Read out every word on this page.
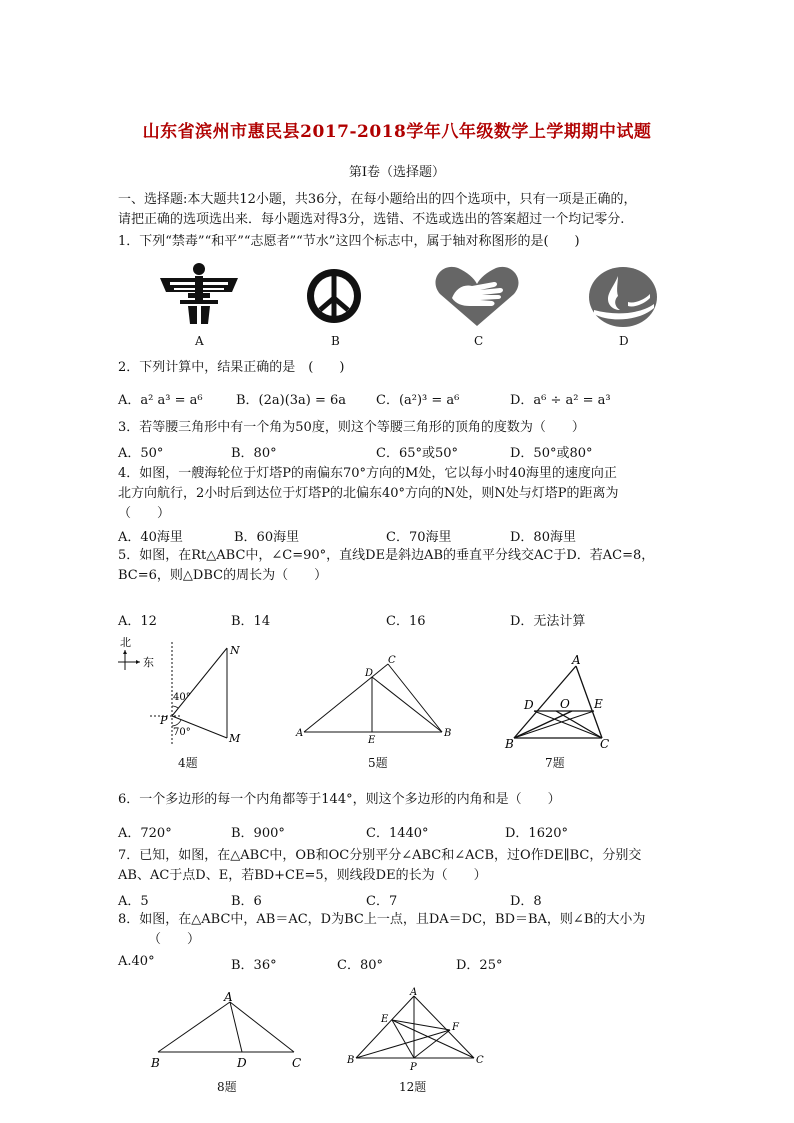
山东省滨州市惠民县2017-2018学年八年级数学上学期期中试题
第Ⅰ卷（选择题）
一、选择题:本大题共12小题，共36分，在每小题给出的四个选项中，只有一项是正确的，
请把正确的选项选出来．每小题选对得3分，选错、不选或选出的答案超过一个均记零分.
1．下列“禁毒”“和平”“志愿者”“节水”这四个标志中，属于轴对称图形的是(　　)
A	B	C	D
2．下列计算中，结果正确的是　(　　)
A．a² a³ = a⁶	B．(2a)(3a) = 6a C．(a²)³ = a⁶	D．a⁶ ÷ a² = a³
3．若等腰三角形中有一个角为50度，则这个等腰三角形的顶角的度数为（　　）
A．50°	B．80°	C．65°或50°	D．50°或80°
4．如图，一艘海轮位于灯塔P的南偏东70°方向的M处，它以每小时40海里的速度向正
北方向航行，2小时后到达位于灯塔P的北偏东40°方向的N处，则N处与灯塔P的距离为
（　　）
A．40海里	B．60海里	C．70海里	D．80海里
5．如图，在Rt△ABC中，∠C=90°，直线DE是斜边AB的垂直平分线交AC于D．若AC=8，
BC=6，则△DBC的周长为（　　）
A．12	B．14	C．16	D．无法计算
北
东
N
M
P
40°
70°
4题
A	B
C
D
E
5题
A
D O E
B	C
7题
6．一个多边形的每一个内角都等于144°，则这个多边形的内角和是（　　）
A．720°	B．900°	C．1440°	D．1620°
7．已知，如图，在△ABC中，OB和OC分别平分∠ABC和∠ACB，过O作DE∥BC，分别交
AB、AC于点D、E，若BD+CE=5，则线段DE的长为（　　）
A．5	B．6	C．7	D．8
8．如图，在△ABC中，AB＝AC，D为BC上一点，且DA＝DC，BD＝BA，则∠B的大小为
（　　）
A.40°	B．36°	C．80°	D．25°
A
B	D	C
8题
A
E
F
B
P
C
12题
